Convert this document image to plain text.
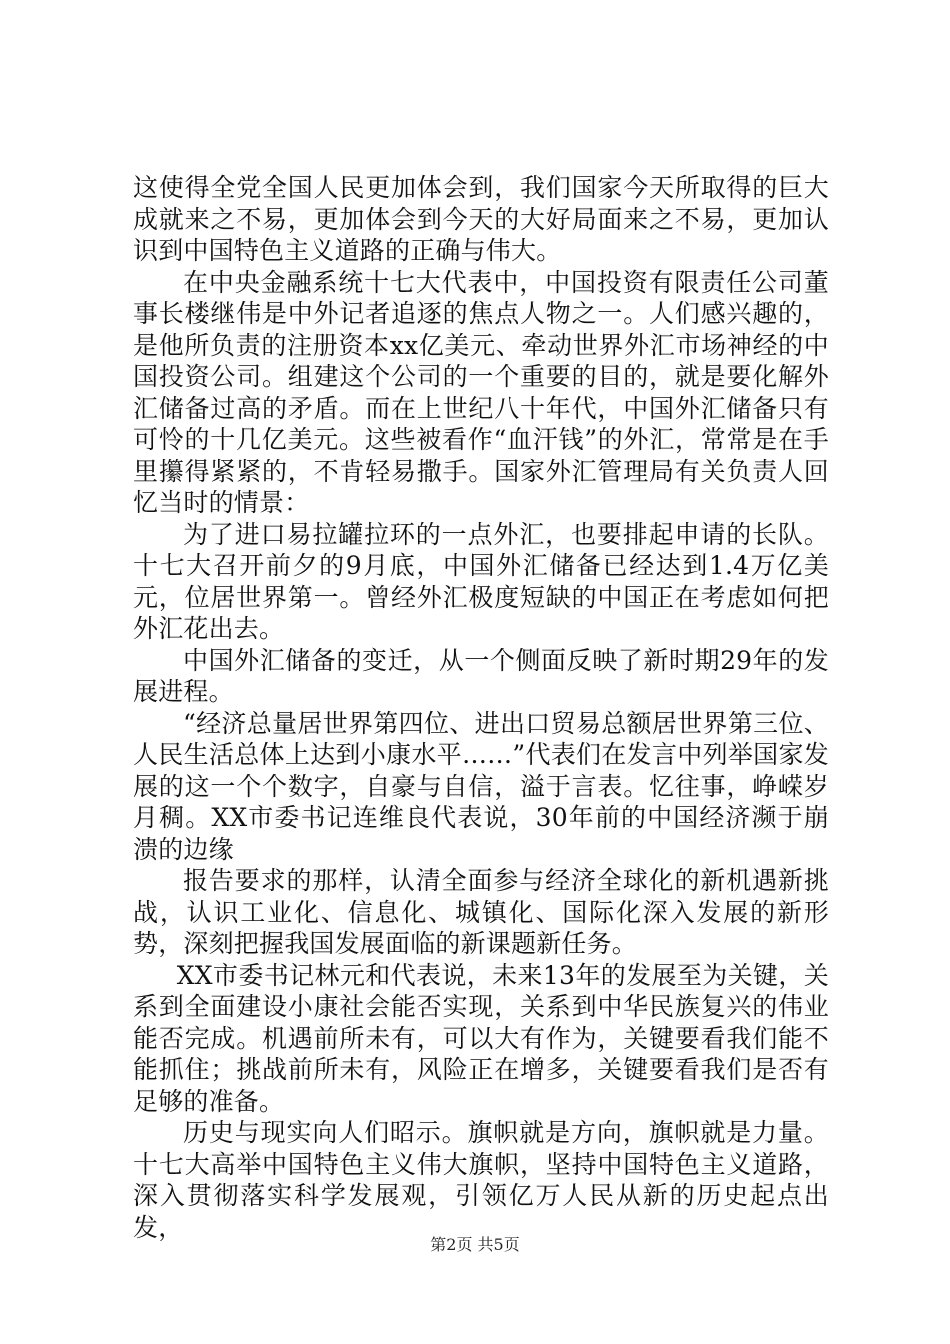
这使得全党全国人民更加体会到，我们国家今天所取得的巨大成就来之不易，更加体会到今天的大好局面来之不易，更加认识到中国特色主义道路的正确与伟大。

在中央金融系统十七大代表中，中国投资有限责任公司董事长楼继伟是中外记者追逐的焦点人物之一。人们感兴趣的，是他所负责的注册资本xx亿美元、牵动世界外汇市场神经的中国投资公司。组建这个公司的一个重要的目的，就是要化解外汇储备过高的矛盾。而在上世纪八十年代，中国外汇储备只有可怜的十几亿美元。这些被看作“血汗钱”的外汇，常常是在手里攥得紧紧的，不肯轻易撒手。国家外汇管理局有关负责人回忆当时的情景：

为了进口易拉罐拉环的一点外汇，也要排起申请的长队。十七大召开前夕的9月底，中国外汇储备已经达到1.4万亿美元，位居世界第一。曾经外汇极度短缺的中国正在考虑如何把外汇花出去。

中国外汇储备的变迁，从一个侧面反映了新时期29年的发展进程。

“经济总量居世界第四位、进出口贸易总额居世界第三位、人民生活总体上达到小康水平……”代表们在发言中列举国家发展的这一个个数字，自豪与自信，溢于言表。忆往事，峥嵘岁月稠。XX市委书记连维良代表说，30年前的中国经济濒于崩溃的边缘

报告要求的那样，认清全面参与经济全球化的新机遇新挑战，认识工业化、信息化、城镇化、国际化深入发展的新形势，深刻把握我国发展面临的新课题新任务。

XX市委书记林元和代表说，未来13年的发展至为关键，关系到全面建设小康社会能否实现，关系到中华民族复兴的伟业能否完成。机遇前所未有，可以大有作为，关键要看我们能不能抓住；挑战前所未有，风险正在增多，关键要看我们是否有足够的准备。

历史与现实向人们昭示。旗帜就是方向，旗帜就是力量。十七大高举中国特色主义伟大旗帜，坚持中国特色主义道路，深入贯彻落实科学发展观，引领亿万人民从新的历史起点出发，

第2页 共5页
